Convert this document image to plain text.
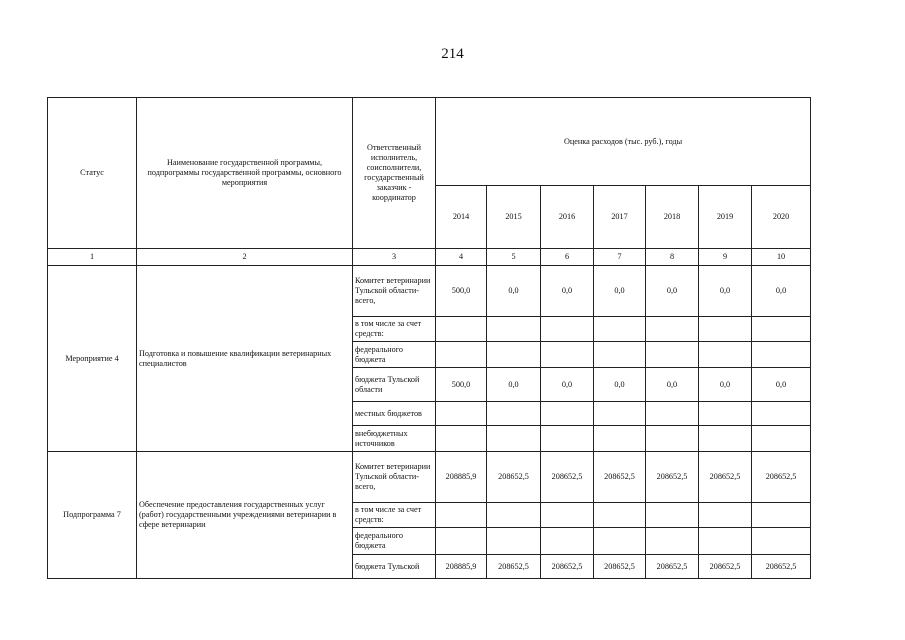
214
Статус	Наименование государственной программы, подпрограммы государственной программы, основного мероприятия	Ответственный исполнитель, соисполнители, государственный заказчик - координатор	Оценка расходов (тыс. руб.), годы						
			2014	2015	2016	2017	2018	2019	2020
1	2	3	4	5	6	7	8	9	10
Мероприятие 4	Подготовка и повышение квалификации ветеринарных специалистов	Комитет ветеринарии Тульской области- всего,	500,0	0,0	0,0	0,0	0,0	0,0	0,0
		в том числе за счет средств:							
		федерального бюджета							
		бюджета Тульской области	500,0	0,0	0,0	0,0	0,0	0,0	0,0
		местных бюджетов							
		внебюджетных источников							
Подпрограмма 7	Обеспечение предоставления государственных услуг (работ) государственными учреждениями ветеринарии в сфере ветеринарии	Комитет ветеринарии Тульской области- всего,	208885,9	208652,5	208652,5	208652,5	208652,5	208652,5	208652,5
		в том числе за счет средств:							
		федерального бюджета							
		бюджета Тульской	208885,9	208652,5	208652,5	208652,5	208652,5	208652,5	208652,5
